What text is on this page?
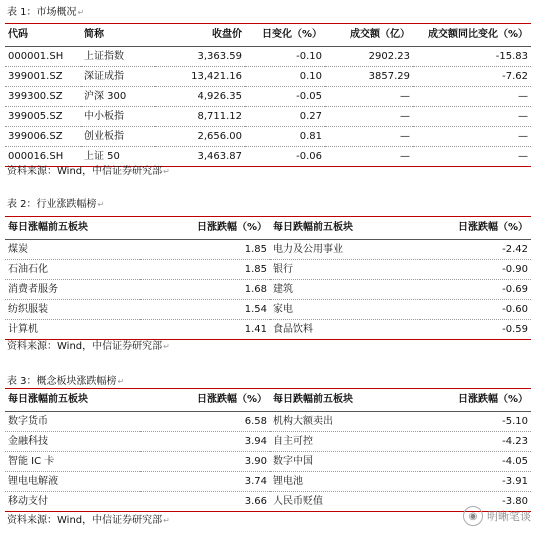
表 1：市场概况↵
代码	简称	收盘价	日变化（%）	成交额（亿）	成交额同比变化（%）
000001.SH	上证指数	3,363.59	-0.10	2902.23	-15.83
399001.SZ	深证成指	13,421.16	0.10	3857.29	-7.62
399300.SZ	沪深 300	4,926.35	-0.05	—	—
399005.SZ	中小板指	8,711.12	0.27	—	—
399006.SZ	创业板指	2,656.00	0.81	—	—
000016.SH	上证 50	3,463.87	-0.06	—	—
资料来源：Wind，中信证券研究部↵
表 2：行业涨跌幅榜↵
每日涨幅前五板块	日涨跌幅（%）	每日跌幅前五板块	日涨跌幅（%）
煤炭	1.85	电力及公用事业	-2.42
石油石化	1.85	银行	-0.90
消费者服务	1.68	建筑	-0.69
纺织服装	1.54	家电	-0.60
计算机	1.41	食品饮料	-0.59
资料来源：Wind，中信证券研究部↵
表 3：概念板块涨跌幅榜↵
每日涨幅前五板块	日涨跌幅（%）	每日跌幅前五板块	日涨跌幅（%）
数字货币	6.58	机构大额卖出	-5.10
金融科技	3.94	自主可控	-4.23
智能 IC 卡	3.90	数字中国	-4.05
锂电电解液	3.74	锂电池	-3.91
移动支付	3.66	人民币贬值	-3.80
资料来源：Wind，中信证券研究部↵	◉ 明晰笔谈
